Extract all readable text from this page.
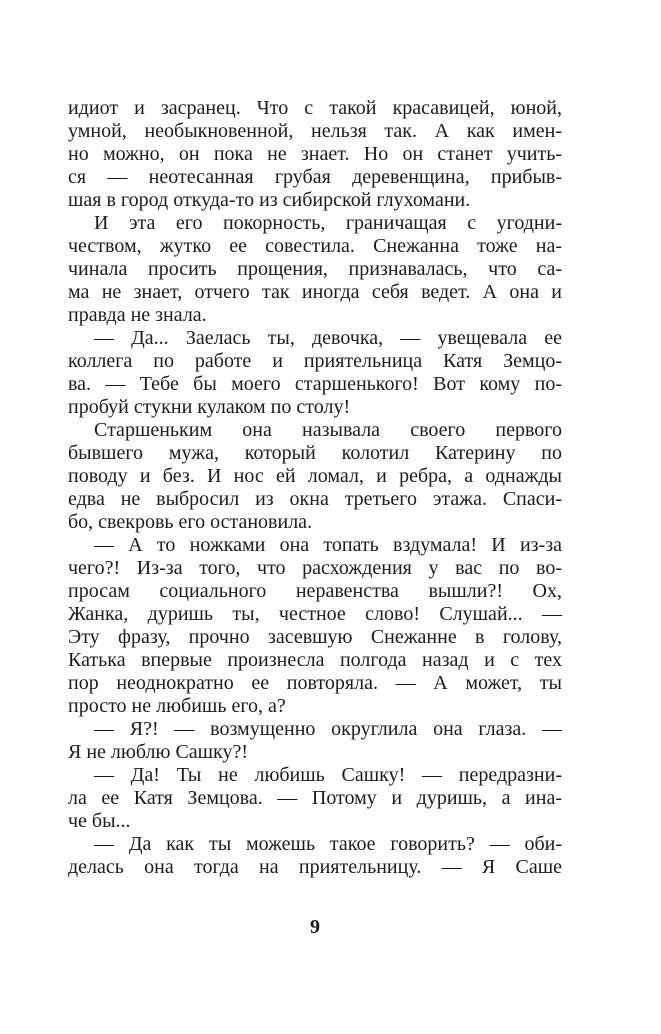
идиот и засранец. Что с такой красавицей, юной,
умной, необыкновенной, нельзя так. А как имен-
но можно, он пока не знает. Но он станет учить-
ся — неотесанная грубая деревенщина, прибыв-
шая в город откуда-то из сибирской глухомани.
И эта его покорность, граничащая с угодни-
чеством, жутко ее совестила. Снежанна тоже на-
чинала просить прощения, признавалась, что са-
ма не знает, отчего так иногда себя ведет. А она и
правда не знала.
— Да... Заелась ты, девочка, — увещевала ее
коллега по работе и приятельница Катя Земцо-
ва. — Тебе бы моего старшенького! Вот кому по-
пробуй стукни кулаком по столу!
Старшеньким она называла своего первого
бывшего мужа, который колотил Катерину по
поводу и без. И нос ей ломал, и ребра, а однажды
едва не выбросил из окна третьего этажа. Спаси-
бо, свекровь его остановила.
— А то ножками она топать вздумала! И из-за
чего?! Из-за того, что расхождения у вас по во-
просам социального неравенства вышли?! Ох,
Жанка, дуришь ты, честное слово! Слушай... —
Эту фразу, прочно засевшую Снежанне в голову,
Катька впервые произнесла полгода назад и с тех
пор неоднократно ее повторяла. — А может, ты
просто не любишь его, а?
— Я?! — возмущенно округлила она глаза. —
Я не люблю Сашку?!
— Да! Ты не любишь Сашку! — передразни-
ла ее Катя Земцова. — Потому и дуришь, а ина-
че бы...
— Да как ты можешь такое говорить? — оби-
делась она тогда на приятельницу. — Я Саше
9
